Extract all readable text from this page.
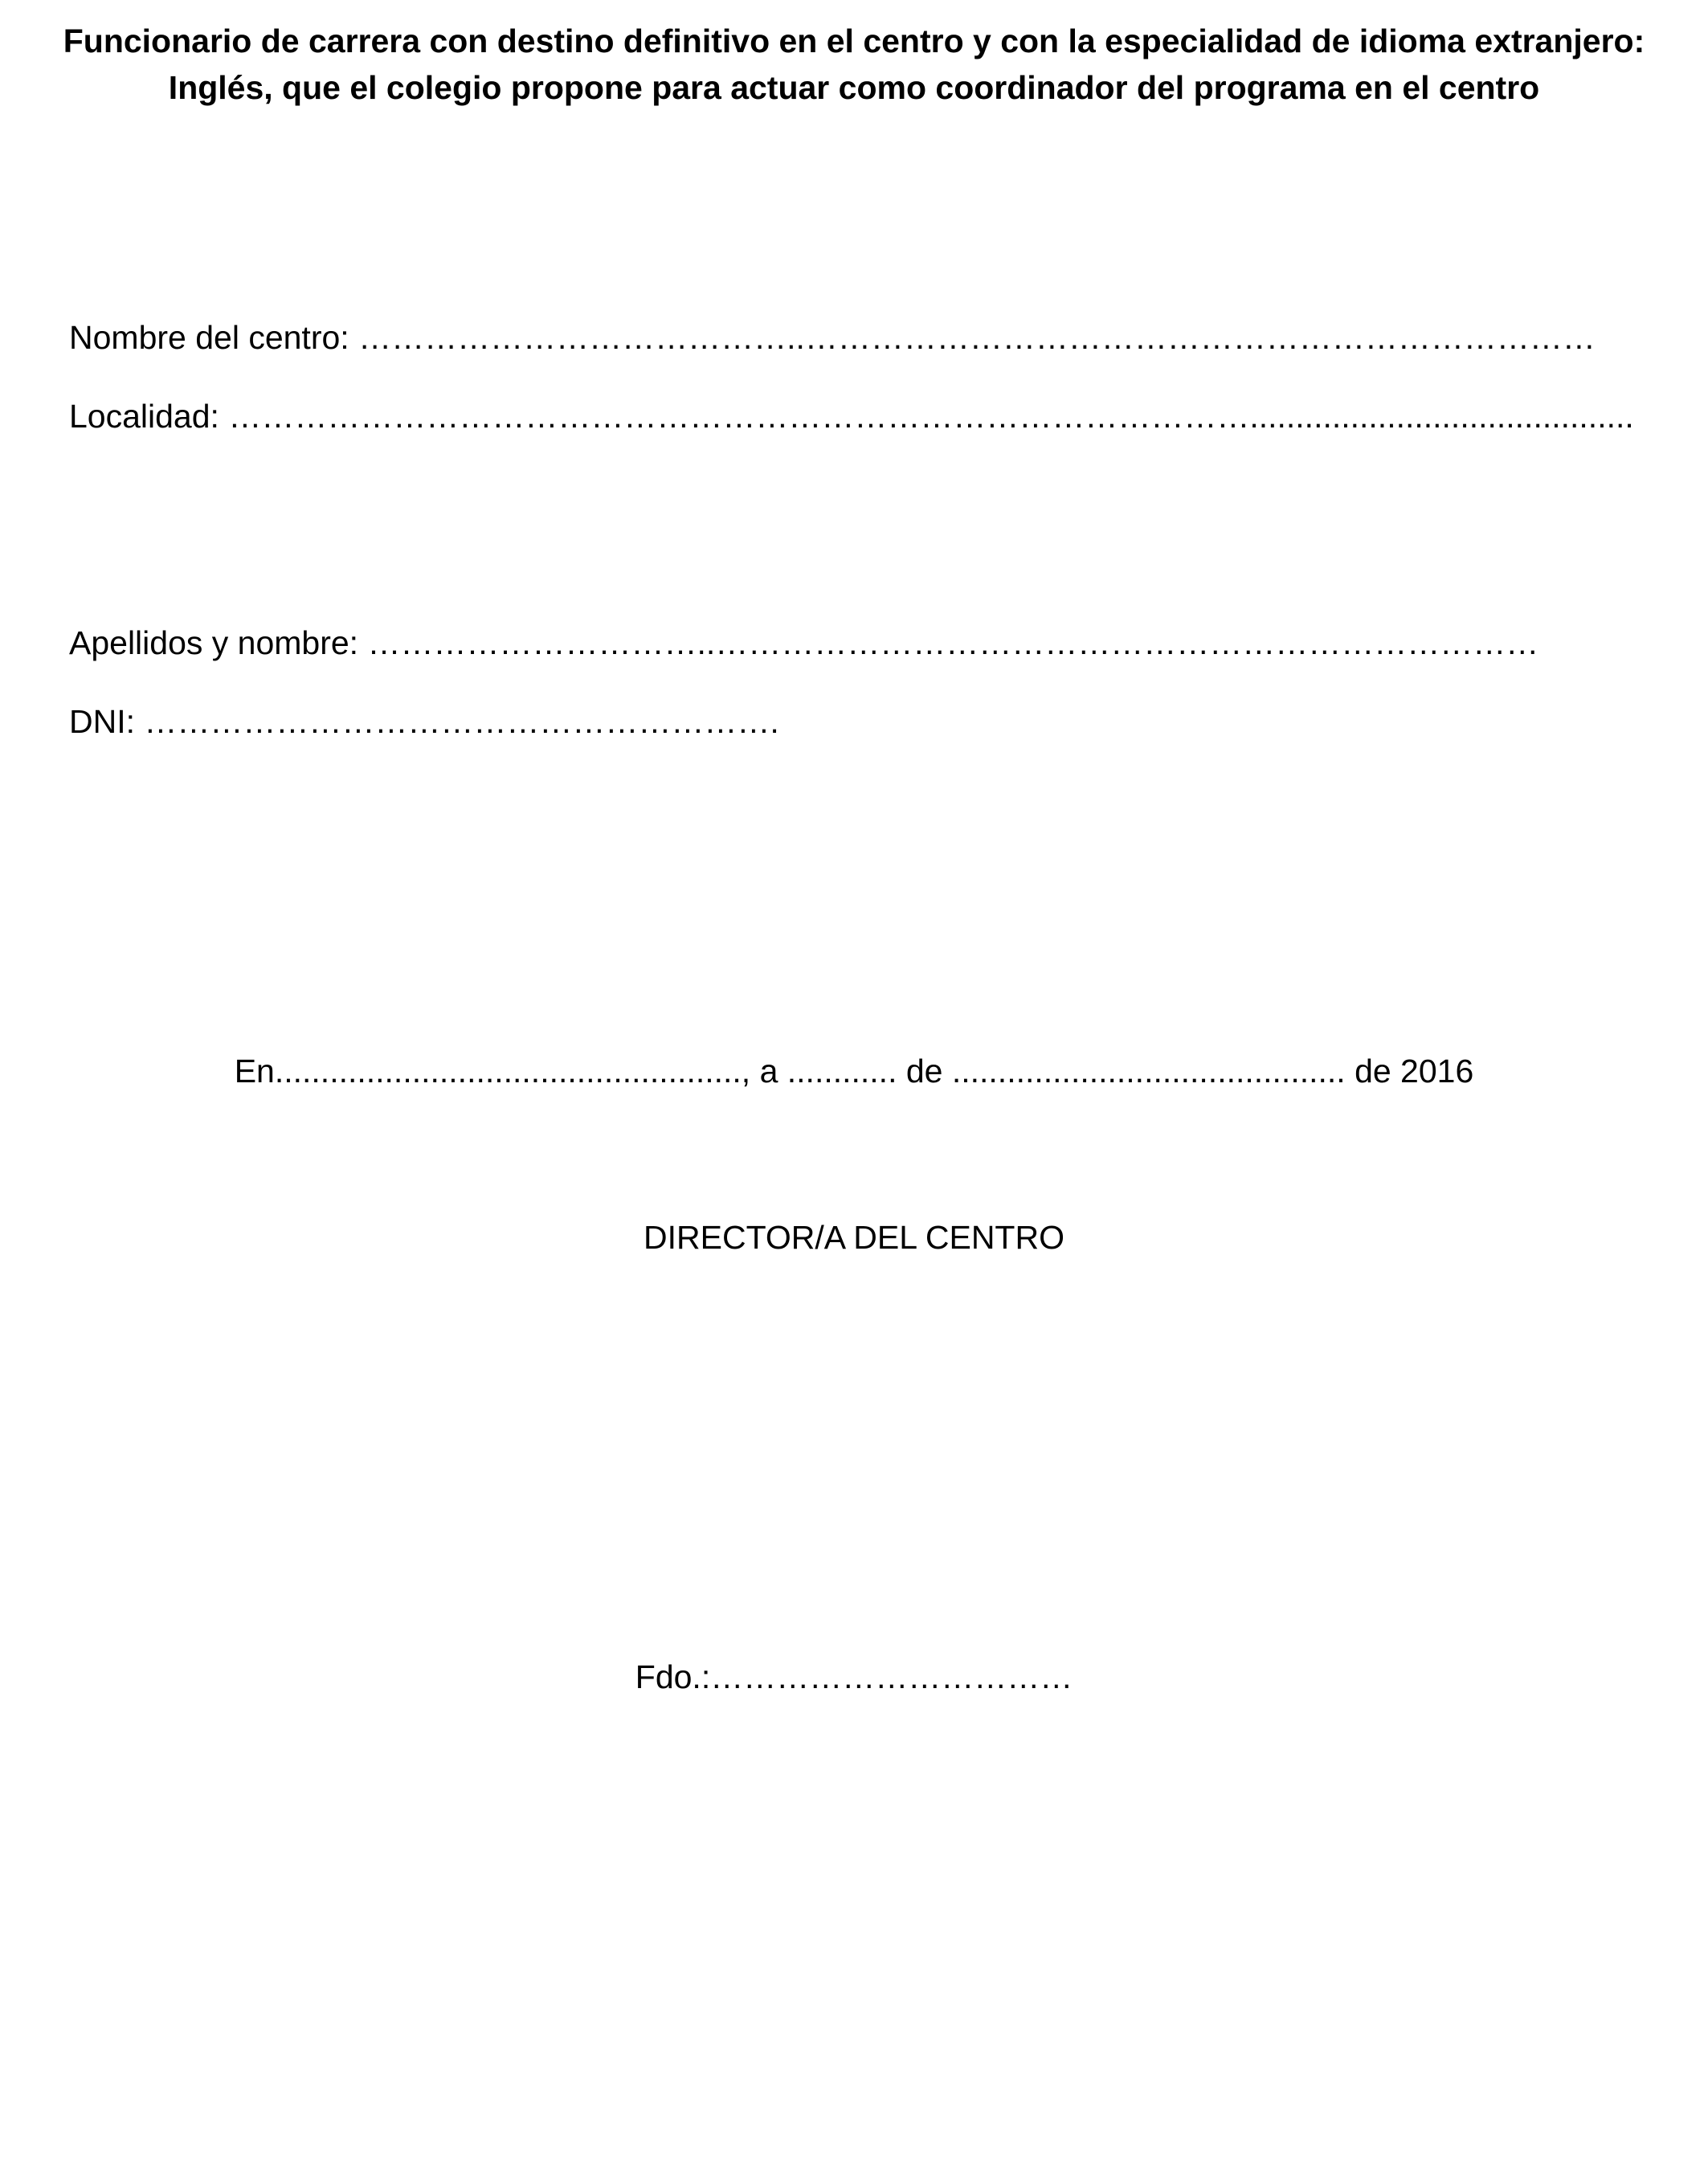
Funcionario de carrera con destino definitivo en el centro y con la especialidad de idioma extranjero:
Inglés, que el colegio propone para actuar como coordinador del programa en el centro
Nombre del centro: …………………………………..………………………………………………………………
Localidad: …………………………………………………………………………………..........................................
Apellidos y nombre: …………………………..…………………………………………………………………
DNI: ………………………………………………….
En..................................................., a ............ de ........................................... de 2016
DIRECTOR/A DEL CENTRO
Fdo.:……………………………
